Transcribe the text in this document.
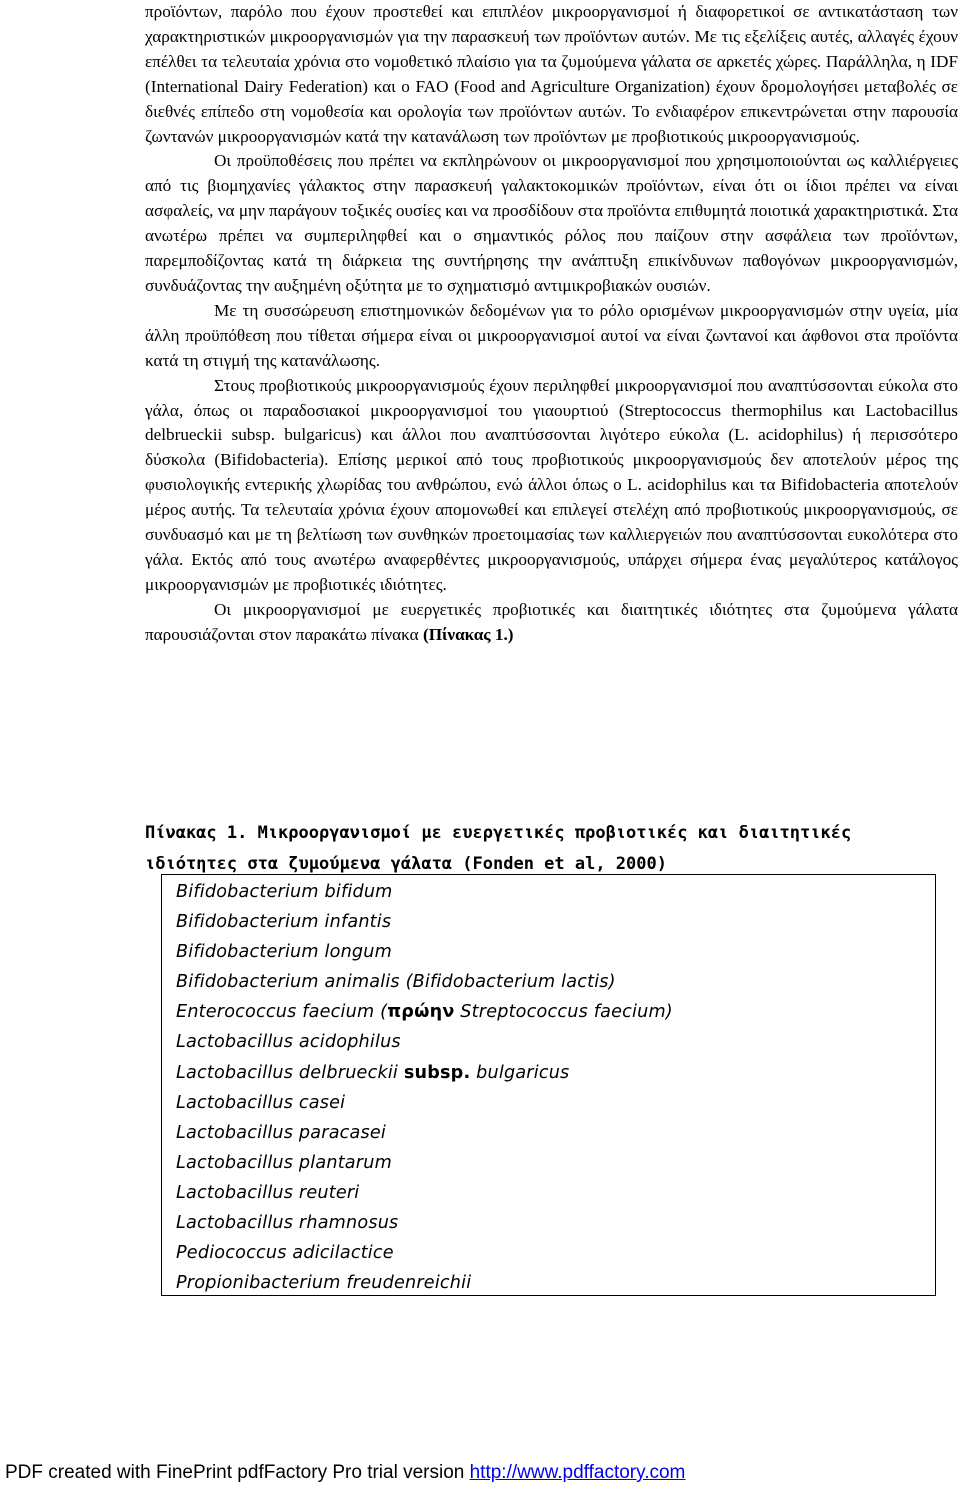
προϊόντων, παρόλο που έχουν προστεθεί και επιπλέον μικροοργανισμοί ή διαφορετικοί σε αντικατάσταση των χαρακτηριστικών μικροοργανισμών για την παρασκευή των προϊόντων αυτών. Με τις εξελίξεις αυτές, αλλαγές έχουν επέλθει τα τελευταία χρόνια στο νομοθετικό πλαίσιο για τα ζυμούμενα γάλατα σε αρκετές χώρες. Παράλληλα, η IDF (International Dairy Federation) και ο FAO (Food and Agriculture Organization) έχουν δρομολογήσει μεταβολές σε διεθνές επίπεδο στη νομοθεσία και ορολογία των προϊόντων αυτών. Το ενδιαφέρον επικεντρώνεται στην παρουσία ζωντανών μικροοργανισμών κατά την κατανάλωση των προϊόντων με προβιοτικούς μικροοργανισμούς.

Οι προϋποθέσεις που πρέπει να εκπληρώνουν οι μικροοργανισμοί που χρησιμοποιούνται ως καλλιέργειες από τις βιομηχανίες γάλακτος στην παρασκευή γαλακτοκομικών προϊόντων, είναι ότι οι ίδιοι πρέπει να είναι ασφαλείς, να μην παράγουν τοξικές ουσίες και να προσδίδουν στα προϊόντα επιθυμητά ποιοτικά χαρακτηριστικά. Στα ανωτέρω πρέπει να συμπεριληφθεί και ο σημαντικός ρόλος που παίζουν στην ασφάλεια των προϊόντων, παρεμποδίζοντας κατά τη διάρκεια της συντήρησης την ανάπτυξη επικίνδυνων παθογόνων μικροοργανισμών, συνδυάζοντας την αυξημένη οξύτητα με το σχηματισμό αντιμικροβιακών ουσιών.

Με τη συσσώρευση επιστημονικών δεδομένων για το ρόλο ορισμένων μικροοργανισμών στην υγεία, μία άλλη προϋπόθεση που τίθεται σήμερα είναι οι μικροοργανισμοί αυτοί να είναι ζωντανοί και άφθονοι στα προϊόντα κατά τη στιγμή της κατανάλωσης.

Στους προβιοτικούς μικροοργανισμούς έχουν περιληφθεί μικροοργανισμοί που αναπτύσσονται εύκολα στο γάλα, όπως οι παραδοσιακοί μικροοργανισμοί του γιαουρτιού (Streptococcus thermophilus και Lactobacillus delbrueckii subsp. bulgaricus) και άλλοι που αναπτύσσονται λιγότερο εύκολα (L. acidophilus) ή περισσότερο δύσκολα (Bifidobacteria). Επίσης μερικοί από τους προβιοτικούς μικροοργανισμούς δεν αποτελούν μέρος της φυσιολογικής εντερικής χλωρίδας του ανθρώπου, ενώ άλλοι όπως ο L. acidophilus και τα Bifidobacteria αποτελούν μέρος αυτής. Τα τελευταία χρόνια έχουν απομονωθεί και επιλεγεί στελέχη από προβιοτικούς μικροοργανισμούς, σε συνδυασμό και με τη βελτίωση των συνθηκών προετοιμασίας των καλλιεργειών που αναπτύσσονται ευκολότερα στο γάλα. Εκτός από τους ανωτέρω αναφερθέντες μικροοργανισμούς, υπάρχει σήμερα ένας μεγαλύτερος κατάλογος μικροοργανισμών με προβιοτικές ιδιότητες.

Οι μικροοργανισμοί με ευεργετικές προβιοτικές και διαιτητικές ιδιότητες στα ζυμούμενα γάλατα παρουσιάζονται στον παρακάτω πίνακα (Πίνακας 1.)

Πίνακας 1. Μικροοργανισμοί με ευεργετικές προβιοτικές και διαιτητικές ιδιότητες στα ζυμούμενα γάλατα (Fonden et al, 2000)

Bifidobacterium bifidum
Bifidobacterium infantis
Bifidobacterium longum
Bifidobacterium animalis (Bifidobacterium lactis)
Enterococcus faecium (πρώην Streptococcus faecium)
Lactobacillus acidophilus
Lactobacillus delbrueckii subsp. bulgaricus
Lactobacillus casei
Lactobacillus paracasei
Lactobacillus plantarum
Lactobacillus reuteri
Lactobacillus rhamnosus
Pediococcus adicilactice
Propionibacterium freudenreichii
PDF created with FinePrint pdfFactory Pro trial version http://www.pdffactory.com
